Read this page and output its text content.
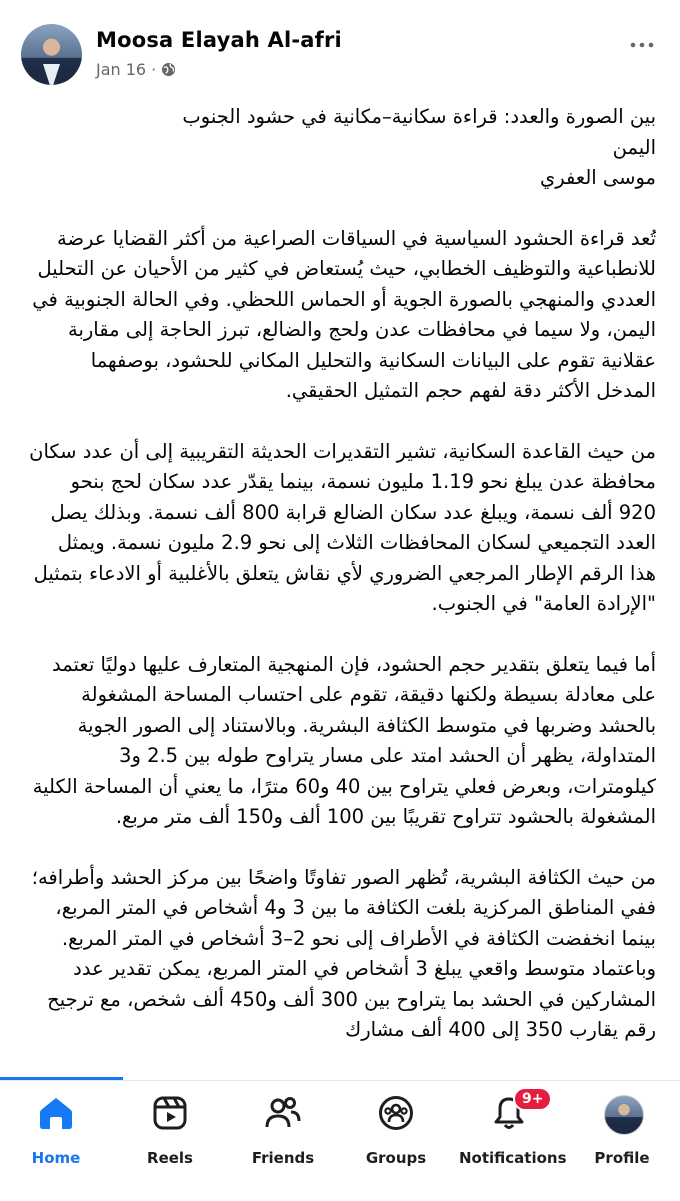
Moosa Elayah Al-afri
Jan 16 ·

بين الصورة والعدد: قراءة سكانية–مكانية في حشود الجنوب

اليمن

موسى العفري

تُعد قراءة الحشود السياسية في السياقات الصراعية من أكثر القضايا عرضة للانطباعية والتوظيف الخطابي، حيث يُستعاض في كثير من الأحيان عن التحليل العددي والمنهجي بالصورة الجوية أو الحماس اللحظي. وفي الحالة الجنوبية في اليمن، ولا سيما في محافظات عدن ولحج والضالع، تبرز الحاجة إلى مقاربة عقلانية تقوم على البيانات السكانية والتحليل المكاني للحشود، بوصفهما المدخل الأكثر دقة لفهم حجم التمثيل الحقيقي.

من حيث القاعدة السكانية، تشير التقديرات الحديثة التقريبية إلى أن عدد سكان محافظة عدن يبلغ نحو 1.19 مليون نسمة، بينما يقدّر عدد سكان لحج بنحو 920 ألف نسمة، ويبلغ عدد سكان الضالع قرابة 800 ألف نسمة. وبذلك يصل العدد التجميعي لسكان المحافظات الثلاث إلى نحو 2.9 مليون نسمة. ويمثل هذا الرقم الإطار المرجعي الضروري لأي نقاش يتعلق بالأغلبية أو الادعاء بتمثيل "الإرادة العامة" في الجنوب.

أما فيما يتعلق بتقدير حجم الحشود، فإن المنهجية المتعارف عليها دوليًا تعتمد على معادلة بسيطة ولكنها دقيقة، تقوم على احتساب المساحة المشغولة بالحشد وضربها في متوسط الكثافة البشرية. وبالاستناد إلى الصور الجوية المتداولة، يظهر أن الحشد امتد على مسار يتراوح طوله بين 2.5 و3 كيلومترات، وبعرض فعلي يتراوح بين 40 و60 مترًا، ما يعني أن المساحة الكلية المشغولة بالحشود تتراوح تقريبًا بين 100 ألف و150 ألف متر مربع.

من حيث الكثافة البشرية، تُظهر الصور تفاوتًا واضحًا بين مركز الحشد وأطرافه؛ ففي المناطق المركزية بلغت الكثافة ما بين 3 و4 أشخاص في المتر المربع، بينما انخفضت الكثافة في الأطراف إلى نحو 2–3 أشخاص في المتر المربع. وباعتماد متوسط واقعي يبلغ 3 أشخاص في المتر المربع، يمكن تقدير عدد المشاركين في الحشد بما يتراوح بين 300 ألف و450 ألف شخص، مع ترجيح رقم يقارب 350 إلى 400 ألف مشارك

Home	Reels	Friends	Groups
9+
Notifications	Profile
